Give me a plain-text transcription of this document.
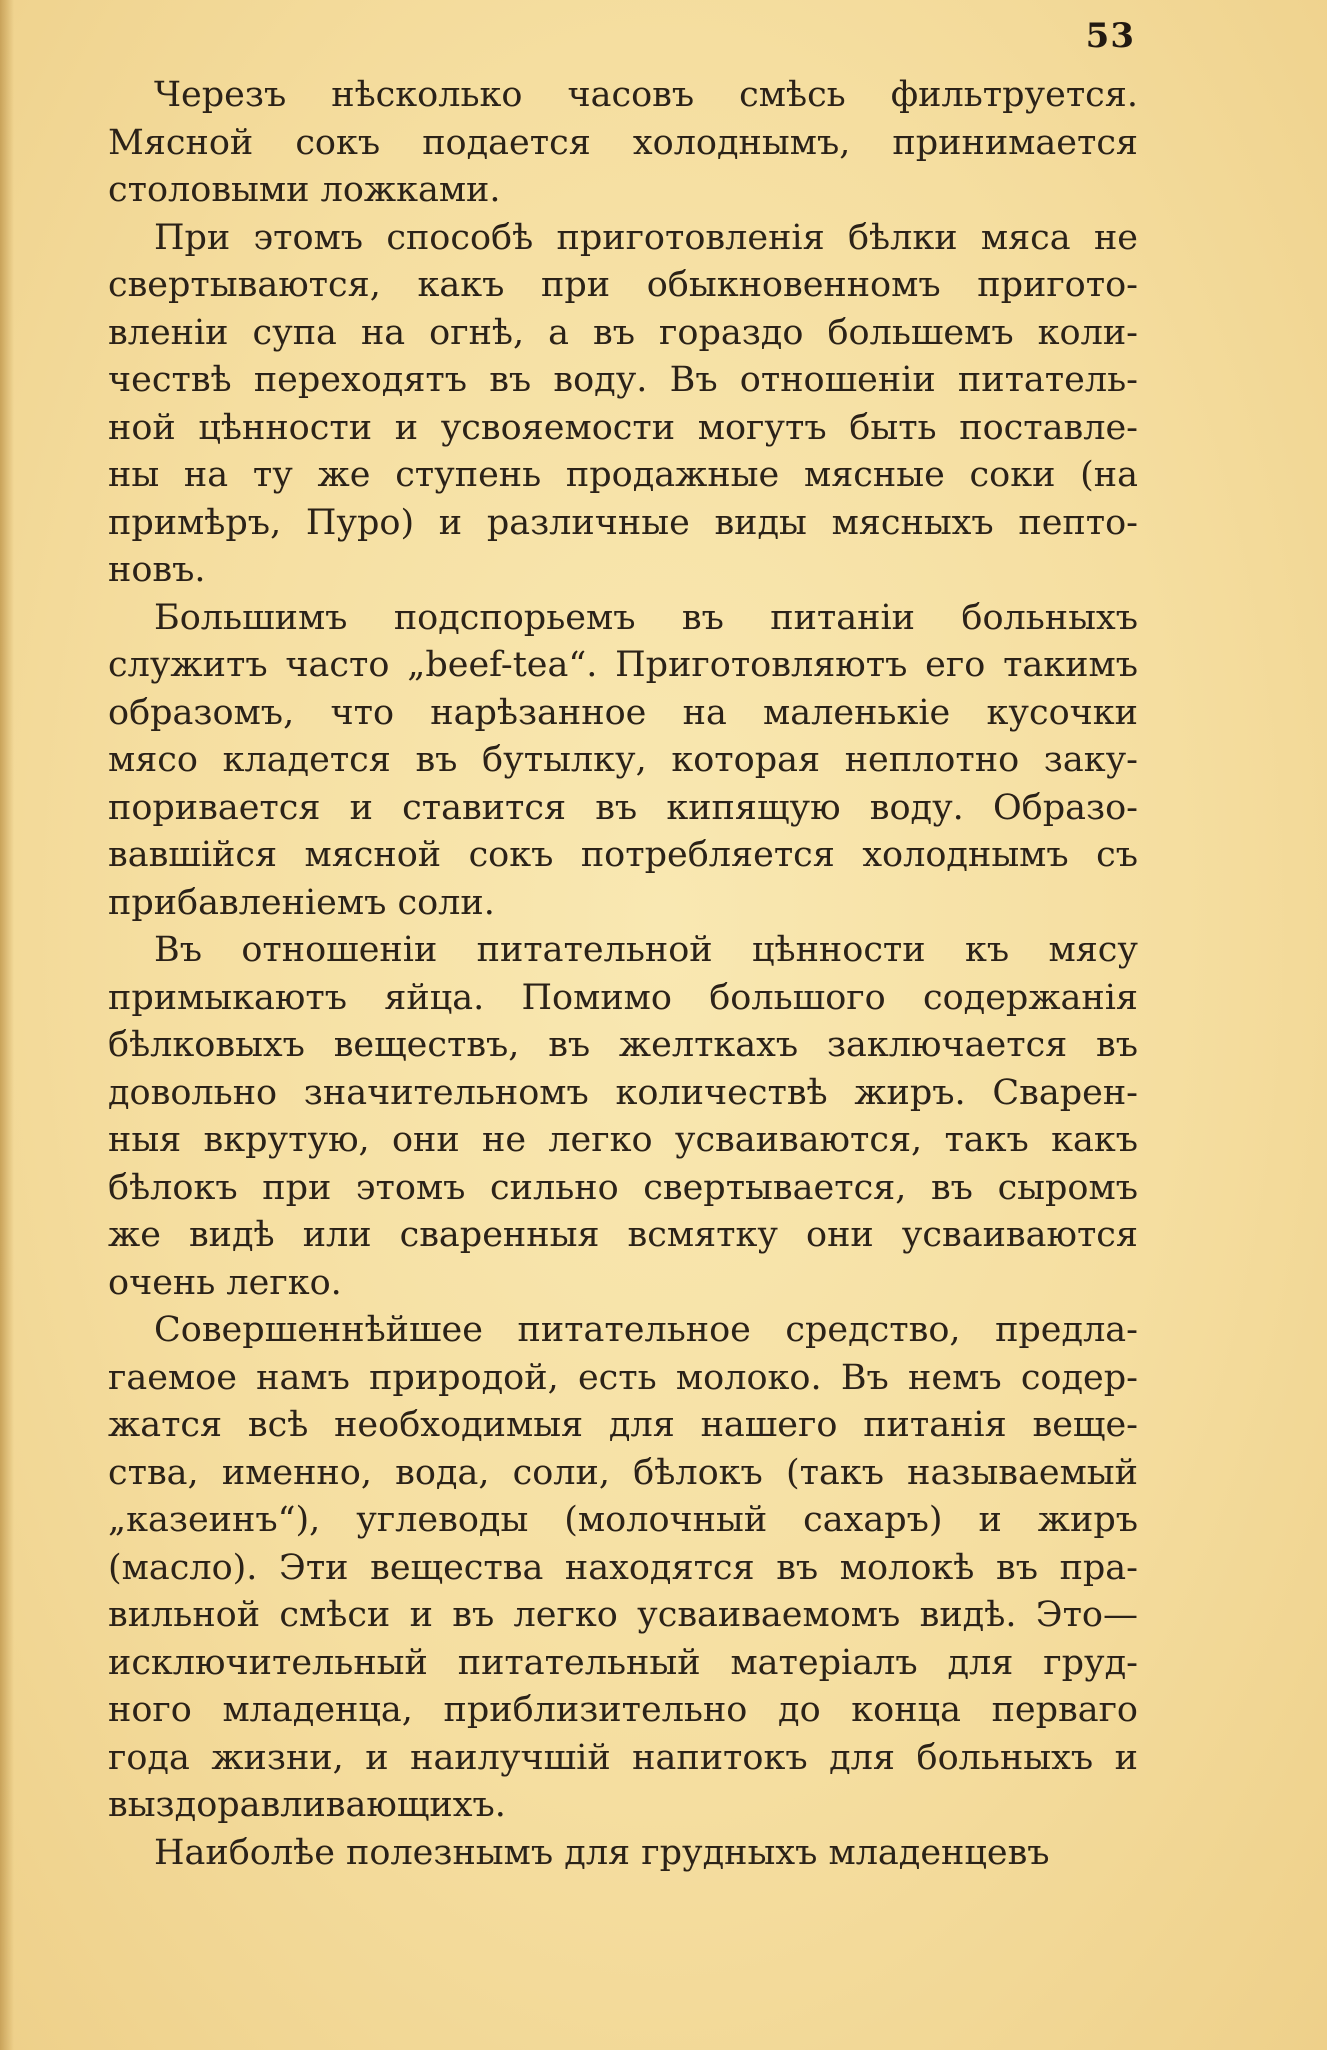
53
Черезъ нѣсколько часовъ смѣсь фильтруется.
Мясной сокъ подается холоднымъ, принимается
столовыми ложками.
При этомъ способѣ приготовленія бѣлки мяса не
свертываются, какъ при обыкновенномъ пригото-
вленіи супа на огнѣ, а въ гораздо большемъ коли-
чествѣ переходятъ въ воду. Въ отношеніи питатель-
ной цѣнности и усвояемости могутъ быть поставле-
ны на ту же ступень продажные мясные соки (на
примѣръ, Пуро) и различные виды мясныхъ пепто-
новъ.
Большимъ подспорьемъ въ питаніи больныхъ
служитъ часто „beef-tea“. Приготовляютъ его такимъ
образомъ, что нарѣзанное на маленькіе кусочки
мясо кладется въ бутылку, которая неплотно заку-
поривается и ставится въ кипящую воду. Образо-
вавшійся мясной сокъ потребляется холоднымъ съ
прибавленіемъ соли.
Въ отношеніи питательной цѣнности къ мясу
примыкаютъ яйца. Помимо большого содержанія
бѣлковыхъ веществъ, въ желткахъ заключается въ
довольно значительномъ количествѣ жиръ. Сварен-
ныя вкрутую, они не легко усваиваются, такъ какъ
бѣлокъ при этомъ сильно свертывается, въ сыромъ
же видѣ или сваренныя всмятку они усваиваются
очень легко.
Совершеннѣйшее питательное средство, предла-
гаемое намъ природой, есть молоко. Въ немъ содер-
жатся всѣ необходимыя для нашего питанія веще-
ства, именно, вода, соли, бѣлокъ (такъ называемый
„казеинъ“), углеводы (молочный сахаръ) и жиръ
(масло). Эти вещества находятся въ молокѣ въ пра-
вильной смѣси и въ легко усваиваемомъ видѣ. Это—
исключительный питательный матеріалъ для груд-
ного младенца, приблизительно до конца перваго
года жизни, и наилучшій напитокъ для больныхъ и
выздоравливающихъ.
Наиболѣе полезнымъ для грудныхъ младенцевъ
